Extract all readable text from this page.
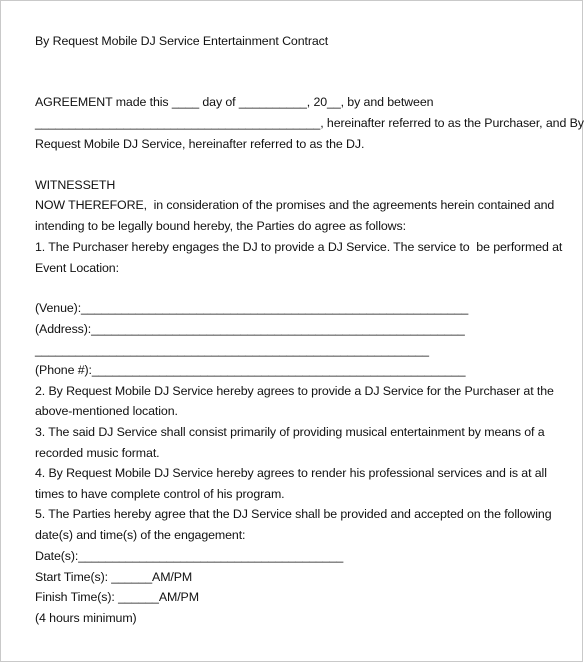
By Request Mobile DJ Service Entertainment Contract
AGREEMENT made this ____ day of __________, 20__, by and between
__________________________________________, hereinafter referred to as the Purchaser, and By
Request Mobile DJ Service, hereinafter referred to as the DJ.
WITNESSETH
NOW THEREFORE,  in consideration of the promises and the agreements herein contained and
intending to be legally bound hereby, the Parties do agree as follows:
1. The Purchaser hereby engages the DJ to provide a DJ Service. The service to  be performed at
Event Location:
(Venue):_________________________________________________________
(Address):_______________________________________________________
__________________________________________________________
(Phone #):_______________________________________________________
2. By Request Mobile DJ Service hereby agrees to provide a DJ Service for the Purchaser at the
above-mentioned location.
3. The said DJ Service shall consist primarily of providing musical entertainment by means of a
recorded music format.
4. By Request Mobile DJ Service hereby agrees to render his professional services and is at all
times to have complete control of his program.
5. The Parties hereby agree that the DJ Service shall be provided and accepted on the following
date(s) and time(s) of the engagement:
Date(s):_______________________________________
Start Time(s): ______AM/PM
Finish Time(s): ______AM/PM
(4 hours minimum)
